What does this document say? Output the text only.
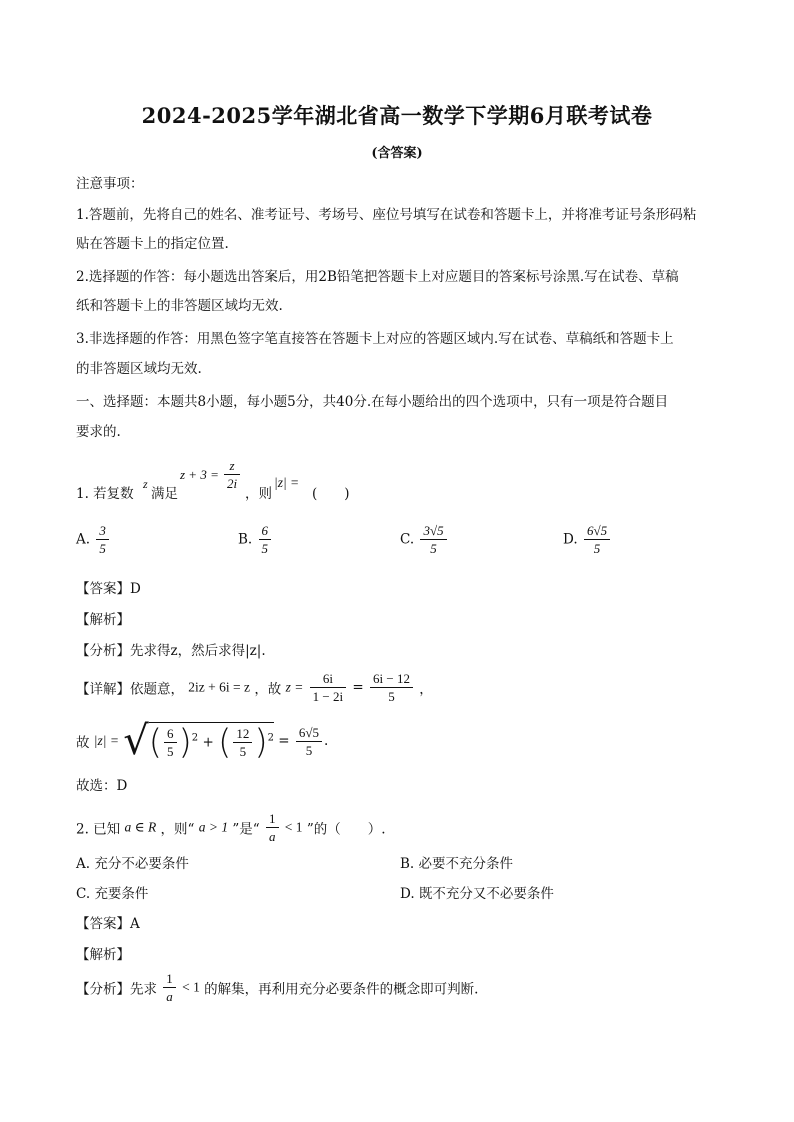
2024-2025学年湖北省高一数学下学期6月联考试卷
(含答案)
注意事项：
1.答题前，先将自己的姓名、准考证号、考场号、座位号填写在试卷和答题卡上，并将准考证号条形码粘
贴在答题卡上的指定位置.
2.选择题的作答：每小题选出答案后，用2B铅笔把答题卡上对应题目的答案标号涂黑.写在试卷、草稿
纸和答题卡上的非答题区域均无效.
3.非选择题的作答：用黑色签字笔直接答在答题卡上对应的答题区域内.写在试卷、草稿纸和答题卡上
的非答题区域均无效.
一、选择题：本题共8小题，每小题5分，共40分.在每小题给出的四个选项中，只有一项是符合题目
要求的.
1. 若复数
z
满足
$z + 3 = \frac{z}{2i}$
，则
|z| =
(　　)
A. $\frac{3}{5}$	B. $\frac{6}{5}$	C. $\frac{3√5}{5}$	D. $\frac{6√5}{5}$
【答案】D
【解析】
【分析】先求得z，然后求得|z|.
【详解】依题意， 2iz + 6i = z ，故 $z = \frac{6i}{1 - 2i} = \frac{6i - 12}{5}$ ，
故 |z| = √( $\frac{6}{5} )^2$ + ( $\frac{12}{5} )^2 = \frac{6√5}{5}$ .
故选：D
2. 已知 a ∈ R ，则“ a > 1 ”是“ $\frac{1}{a} < 1$ ”的（　　）.
A. 充分不必要条件	B. 必要不充分条件
C. 充要条件	D. 既不充分又不必要条件
【答案】A
【解析】
【分析】先求 $\frac{1}{a} < 1$ 的解集，再利用充分必要条件的概念即可判断.
